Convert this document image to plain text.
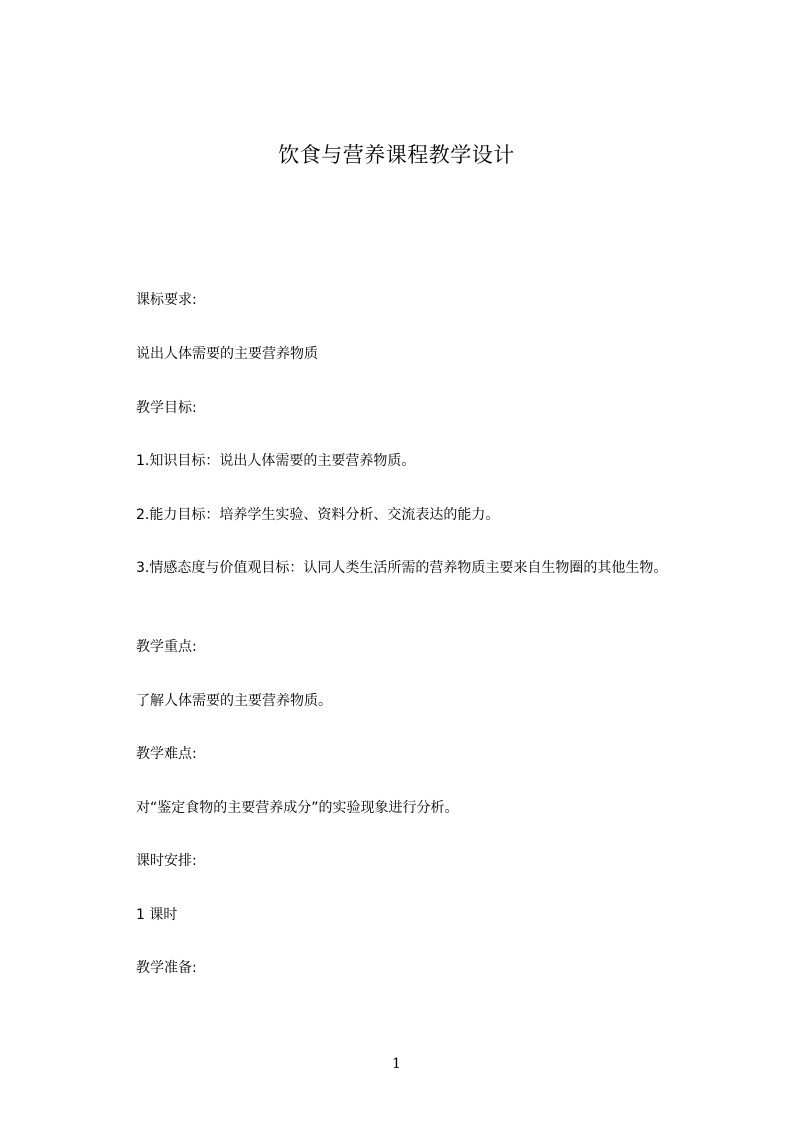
饮食与营养课程教学设计
课标要求:
说出人体需要的主要营养物质
教学目标:
1.知识目标：说出人体需要的主要营养物质。
2.能力目标：培养学生实验、资料分析、交流表达的能力。
3.情感态度与价值观目标：认同人类生活所需的营养物质主要来自生物圈的其他生物。
教学重点:
了解人体需要的主要营养物质。
教学难点:
对“鉴定食物的主要营养成分”的实验现象进行分析。
课时安排:
1 课时
教学准备:
1
